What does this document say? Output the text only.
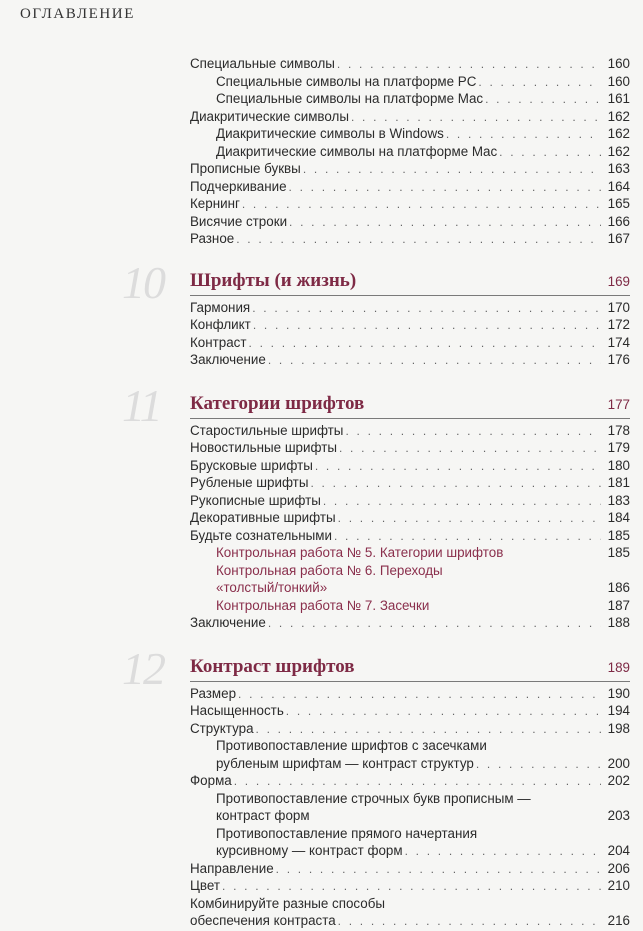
ОГЛАВЛЕНИЕ
Специальные символы . . .	160
Специальные символы на платформе PC . . .	160
Специальные символы на платформе Mac . . .	161
Диакритические символы . . .	162
Диакритические символы в Windows . . .	162
Диакритические символы на платформе Mac . . .	162
Прописные буквы . . .	163
Подчеркивание . . .	164
Кернинг . . .	165
Висячие строки . . .	166
Разное . . .	167
10 Шрифты (и жизнь)	169
Гармония . . .	170
Конфликт . . .	172
Контраст . . .	174
Заключение . . .	176
11 Категории шрифтов	177
Старостильные шрифты . . .	178
Новостильные шрифты . . .	179
Брусковые шрифты . . .	180
Рубленые шрифты . . .	181
Рукописные шрифты . . .	183
Декоративные шрифты . . .	184
Будьте сознательными . . .	185
Контрольная работа № 5. Категории шрифтов	185
Контрольная работа № 6. Переходы
«толстый/тонкий»	186
Контрольная работа № 7. Засечки	187
Заключение . . .	188
12 Контраст шрифтов	189
Размер . . .	190
Насыщенность . . .	194
Структура . . .	198
Противопоставление шрифтов с засечками
рубленым шрифтам — контраст структур . . .	200
Форма . . .	202
Противопоставление строчных букв прописным —
контраст форм	203
Противопоставление прямого начертания
курсивному — контраст форм . . .	204
Направление . . .	206
Цвет . . .	210
Комбинируйте разные способы
обеспечения контраста . . .	216
